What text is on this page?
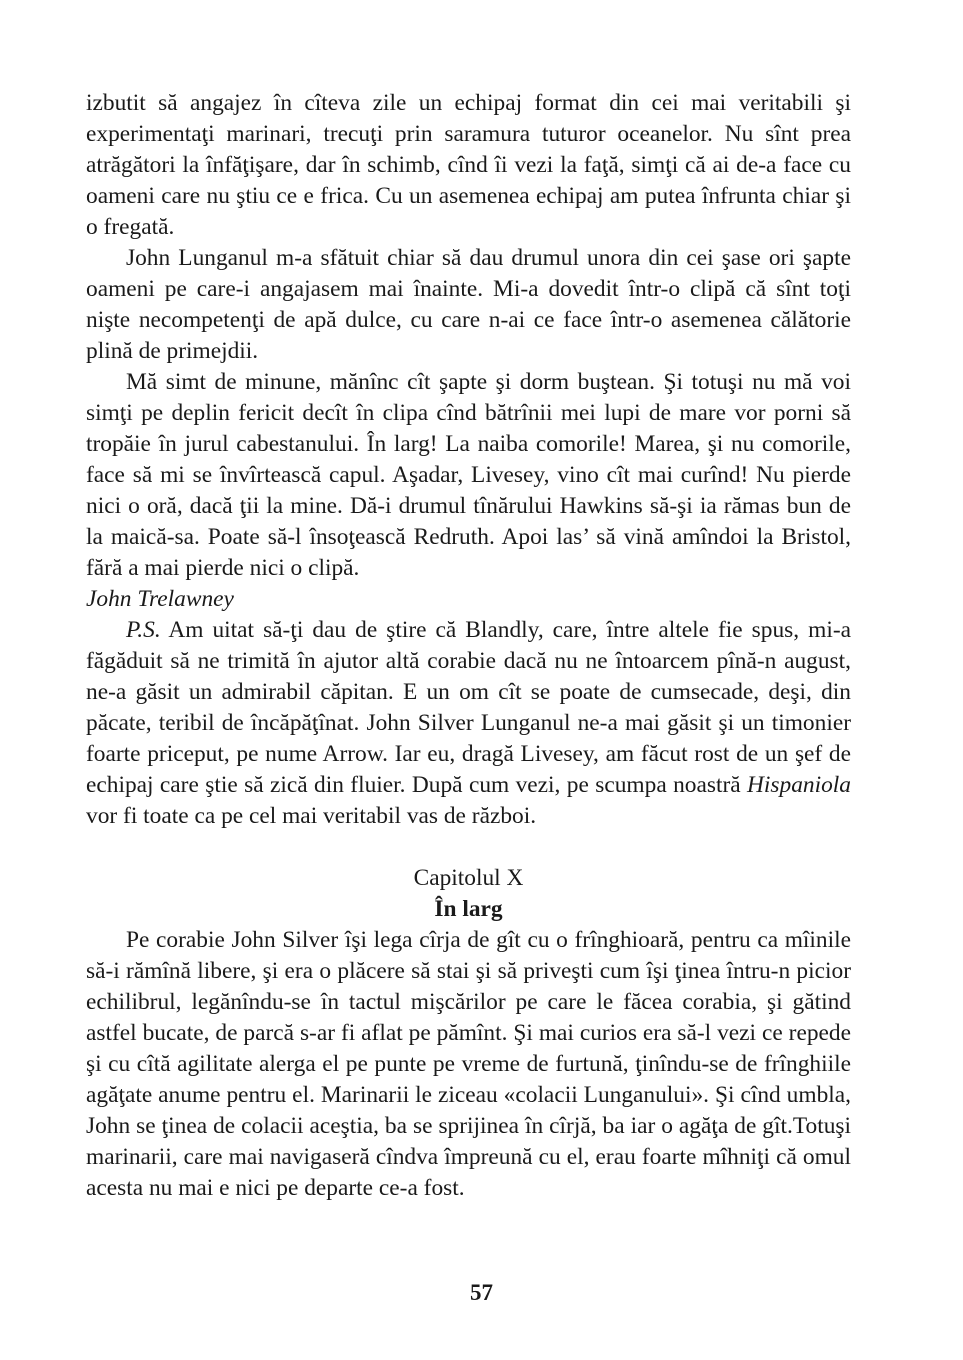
izbutit să angajez în cîteva zile un echipaj format din cei mai veritabili şi experimentaţi marinari, trecuţi prin saramura tuturor oceanelor. Nu sînt prea atrăgători la înfăţişare, dar în schimb, cînd îi vezi la faţă, simţi că ai de-a face cu oameni care nu ştiu ce e frica. Cu un asemenea echipaj am putea înfrunta chiar şi o fregată.

John Lunganul m-a sfătuit chiar să dau drumul unora din cei şase ori şapte oameni pe care-i angajasem mai înainte. Mi-a dovedit într-o clipă că sînt toţi nişte necompetenţi de apă dulce, cu care n-ai ce face într-o asemenea călătorie plină de primejdii.

Mă simt de minune, mănînc cît şapte şi dorm buştean. Şi totuşi nu mă voi simţi pe deplin fericit decît în clipa cînd bătrînii mei lupi de mare vor porni să tropăie în jurul cabestanului. În larg! La naiba comorile! Marea, şi nu comorile, face să mi se învîrtească capul. Aşadar, Livesey, vino cît mai curînd! Nu pierde nici o oră, dacă ţii la mine. Dă-i drumul tînărului Hawkins să-şi ia rămas bun de la maică-sa. Poate să-l însoţească Redruth. Apoi las’ să vină amîndoi la Bristol, fără a mai pierde nici o clipă.

John Trelawney

P.S. Am uitat să-ţi dau de ştire că Blandly, care, între altele fie spus, mi-a făgăduit să ne trimită în ajutor altă corabie dacă nu ne întoarcem pînă-n august, ne-a găsit un admirabil căpitan. E un om cît se poate de cumsecade, deşi, din păcate, teribil de încăpăţînat. John Silver Lunganul ne-a mai găsit şi un timonier foarte priceput, pe nume Arrow. Iar eu, dragă Livesey, am făcut rost de un şef de echipaj care ştie să zică din fluier. După cum vezi, pe scumpa noastră Hispaniola vor fi toate ca pe cel mai veritabil vas de război.

Capitolul X

În larg

Pe corabie John Silver îşi lega cîrja de gît cu o frînghioară, pentru ca mîinile să-i rămînă libere, şi era o plăcere să stai şi să priveşti cum îşi ţinea întru-n picior echilibrul, legănîndu-se în tactul mişcărilor pe care le făcea corabia, şi gătind astfel bucate, de parcă s-ar fi aflat pe pămînt. Şi mai curios era să-l vezi ce repede şi cu cîtă agilitate alerga el pe punte pe vreme de furtună, ţinîndu-se de frînghiile agăţate anume pentru el. Marinarii le ziceau «colacii Lunganului». Şi cînd umbla, John se ţinea de colacii aceştia, ba se sprijinea în cîrjă, ba iar o agăţa de gît.Totuşi marinarii, care mai navigaseră cîndva împreună cu el, erau foarte mîhniţi că omul acesta nu mai e nici pe departe ce-a fost.

57
